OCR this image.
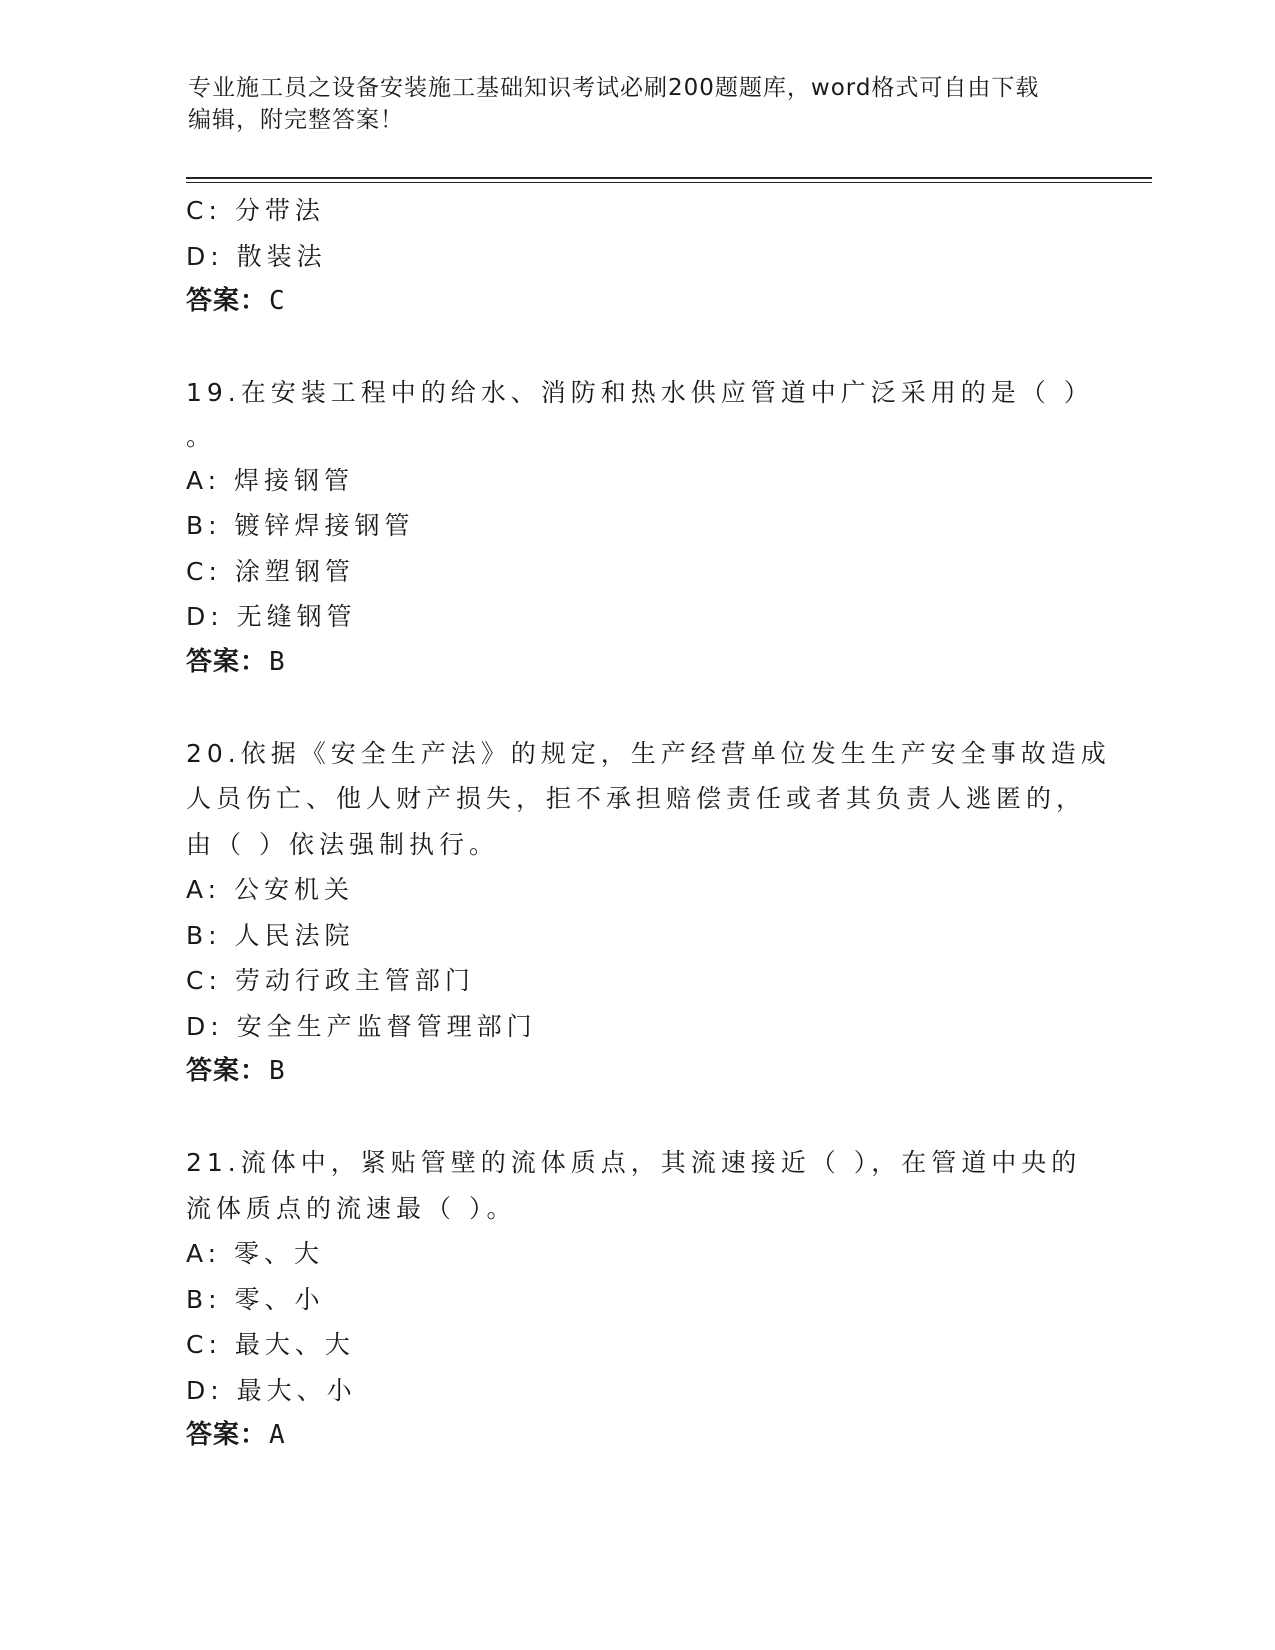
专业施工员之设备安装施工基础知识考试必刷200题题库，word格式可自由下载
编辑，附完整答案！
C: 分带法
D: 散装法
答案：C
19.在安装工程中的给水、消防和热水供应管道中广泛采用的是（ ）
。
A: 焊接钢管
B: 镀锌焊接钢管
C: 涂塑钢管
D: 无缝钢管
答案：B
20.依据《安全生产法》的规定，生产经营单位发生生产安全事故造成
人员伤亡、他人财产损失，拒不承担赔偿责任或者其负责人逃匿的，
由（ ）依法强制执行。
A: 公安机关
B: 人民法院
C: 劳动行政主管部门
D: 安全生产监督管理部门
答案：B
21.流体中，紧贴管壁的流体质点，其流速接近（ ），在管道中央的
流体质点的流速最（ ）。
A: 零、大
B: 零、小
C: 最大、大
D: 最大、小
答案：A
